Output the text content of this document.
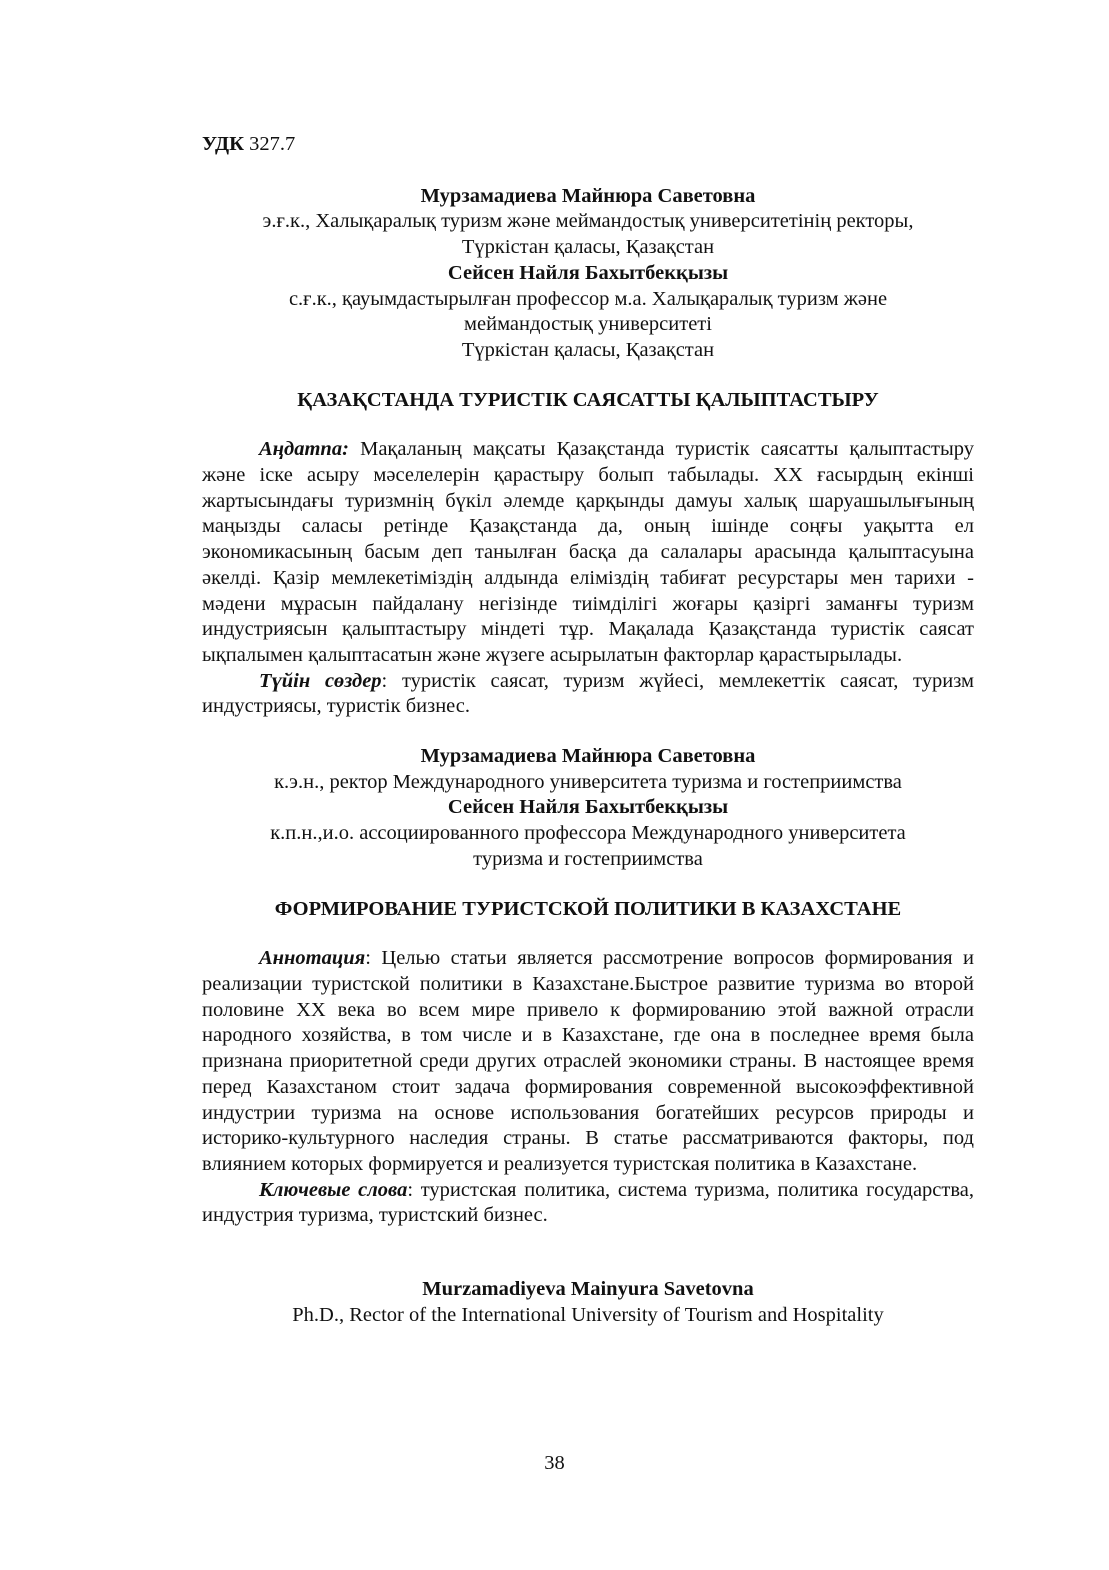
УДК 327.7

Мурзамадиева Майнюра Саветовна

э.ғ.к., Халықаралық туризм және меймандостық университетінің ректоры,

Түркістан қаласы, Қазақстан

Сейсен Найля Бахытбекқызы

с.ғ.к., қауымдастырылған профессор м.а. Халықаралық туризм және

меймандостық университеті

Түркістан қаласы, Қазақстан

ҚАЗАҚСТАНДА ТУРИСТІК САЯСАТТЫ ҚАЛЫПТАСТЫРУ

Аңдатпа: Мақаланың мақсаты Қазақстанда туристік саясатты қалыптастыру және іске асыру мәселелерін қарастыру болып табылады. ХХ ғасырдың екінші жартысындағы туризмнің бүкіл әлемде қарқынды дамуы халық шаруашылығының маңызды саласы ретінде Қазақстанда да, оның ішінде соңғы уақытта ел экономикасының басым деп танылған басқа да салалары арасында қалыптасуына әкелді. Қазір мемлекетіміздің алдында еліміздің табиғат ресурстары мен тарихи - мәдени мұрасын пайдалану негізінде тиімділігі жоғары қазіргі заманғы туризм индустриясын қалыптастыру міндеті тұр. Мақалада Қазақстанда туристік саясат ықпалымен қалыптасатын және жүзеге асырылатын факторлар қарастырылады.

Түйін сөздер: туристік саясат, туризм жүйесі, мемлекеттік саясат, туризм индустриясы, туристік бизнес.

Мурзамадиева Майнюра Саветовна

к.э.н., ректор Международного университета туризма и гостеприимства

Сейсен Найля Бахытбекқызы

к.п.н.,и.о. ассоциированного профессора Международного университета

туризма и гостеприимства

ФОРМИРОВАНИЕ ТУРИСТСКОЙ ПОЛИТИКИ В КАЗАХСТАНЕ

Аннотация: Целью статьи является рассмотрение вопросов формирования и реализации туристской политики в Казахстане.Быстрое развитие туризма во второй половине XX века во всем мире привело к формированию этой важной отрасли народного хозяйства, в том числе и в Казахстане, где она в последнее время была признана приоритетной среди других отраслей экономики страны. В настоящее время перед Казахстаном стоит задача формирования современной высокоэффективной индустрии туризма на основе использования богатейших ресурсов природы и историко-культурного наследия страны. В статье рассматриваются факторы, под влиянием которых формируется и реализуется туристская политика в Казахстане.

Ключевые слова: туристская политика, система туризма, политика государства, индустрия туризма, туристский бизнес.

Murzamadiyeva Mainyura Savetovna

Ph.D., Rector of the International University of Tourism and Hospitality

38
